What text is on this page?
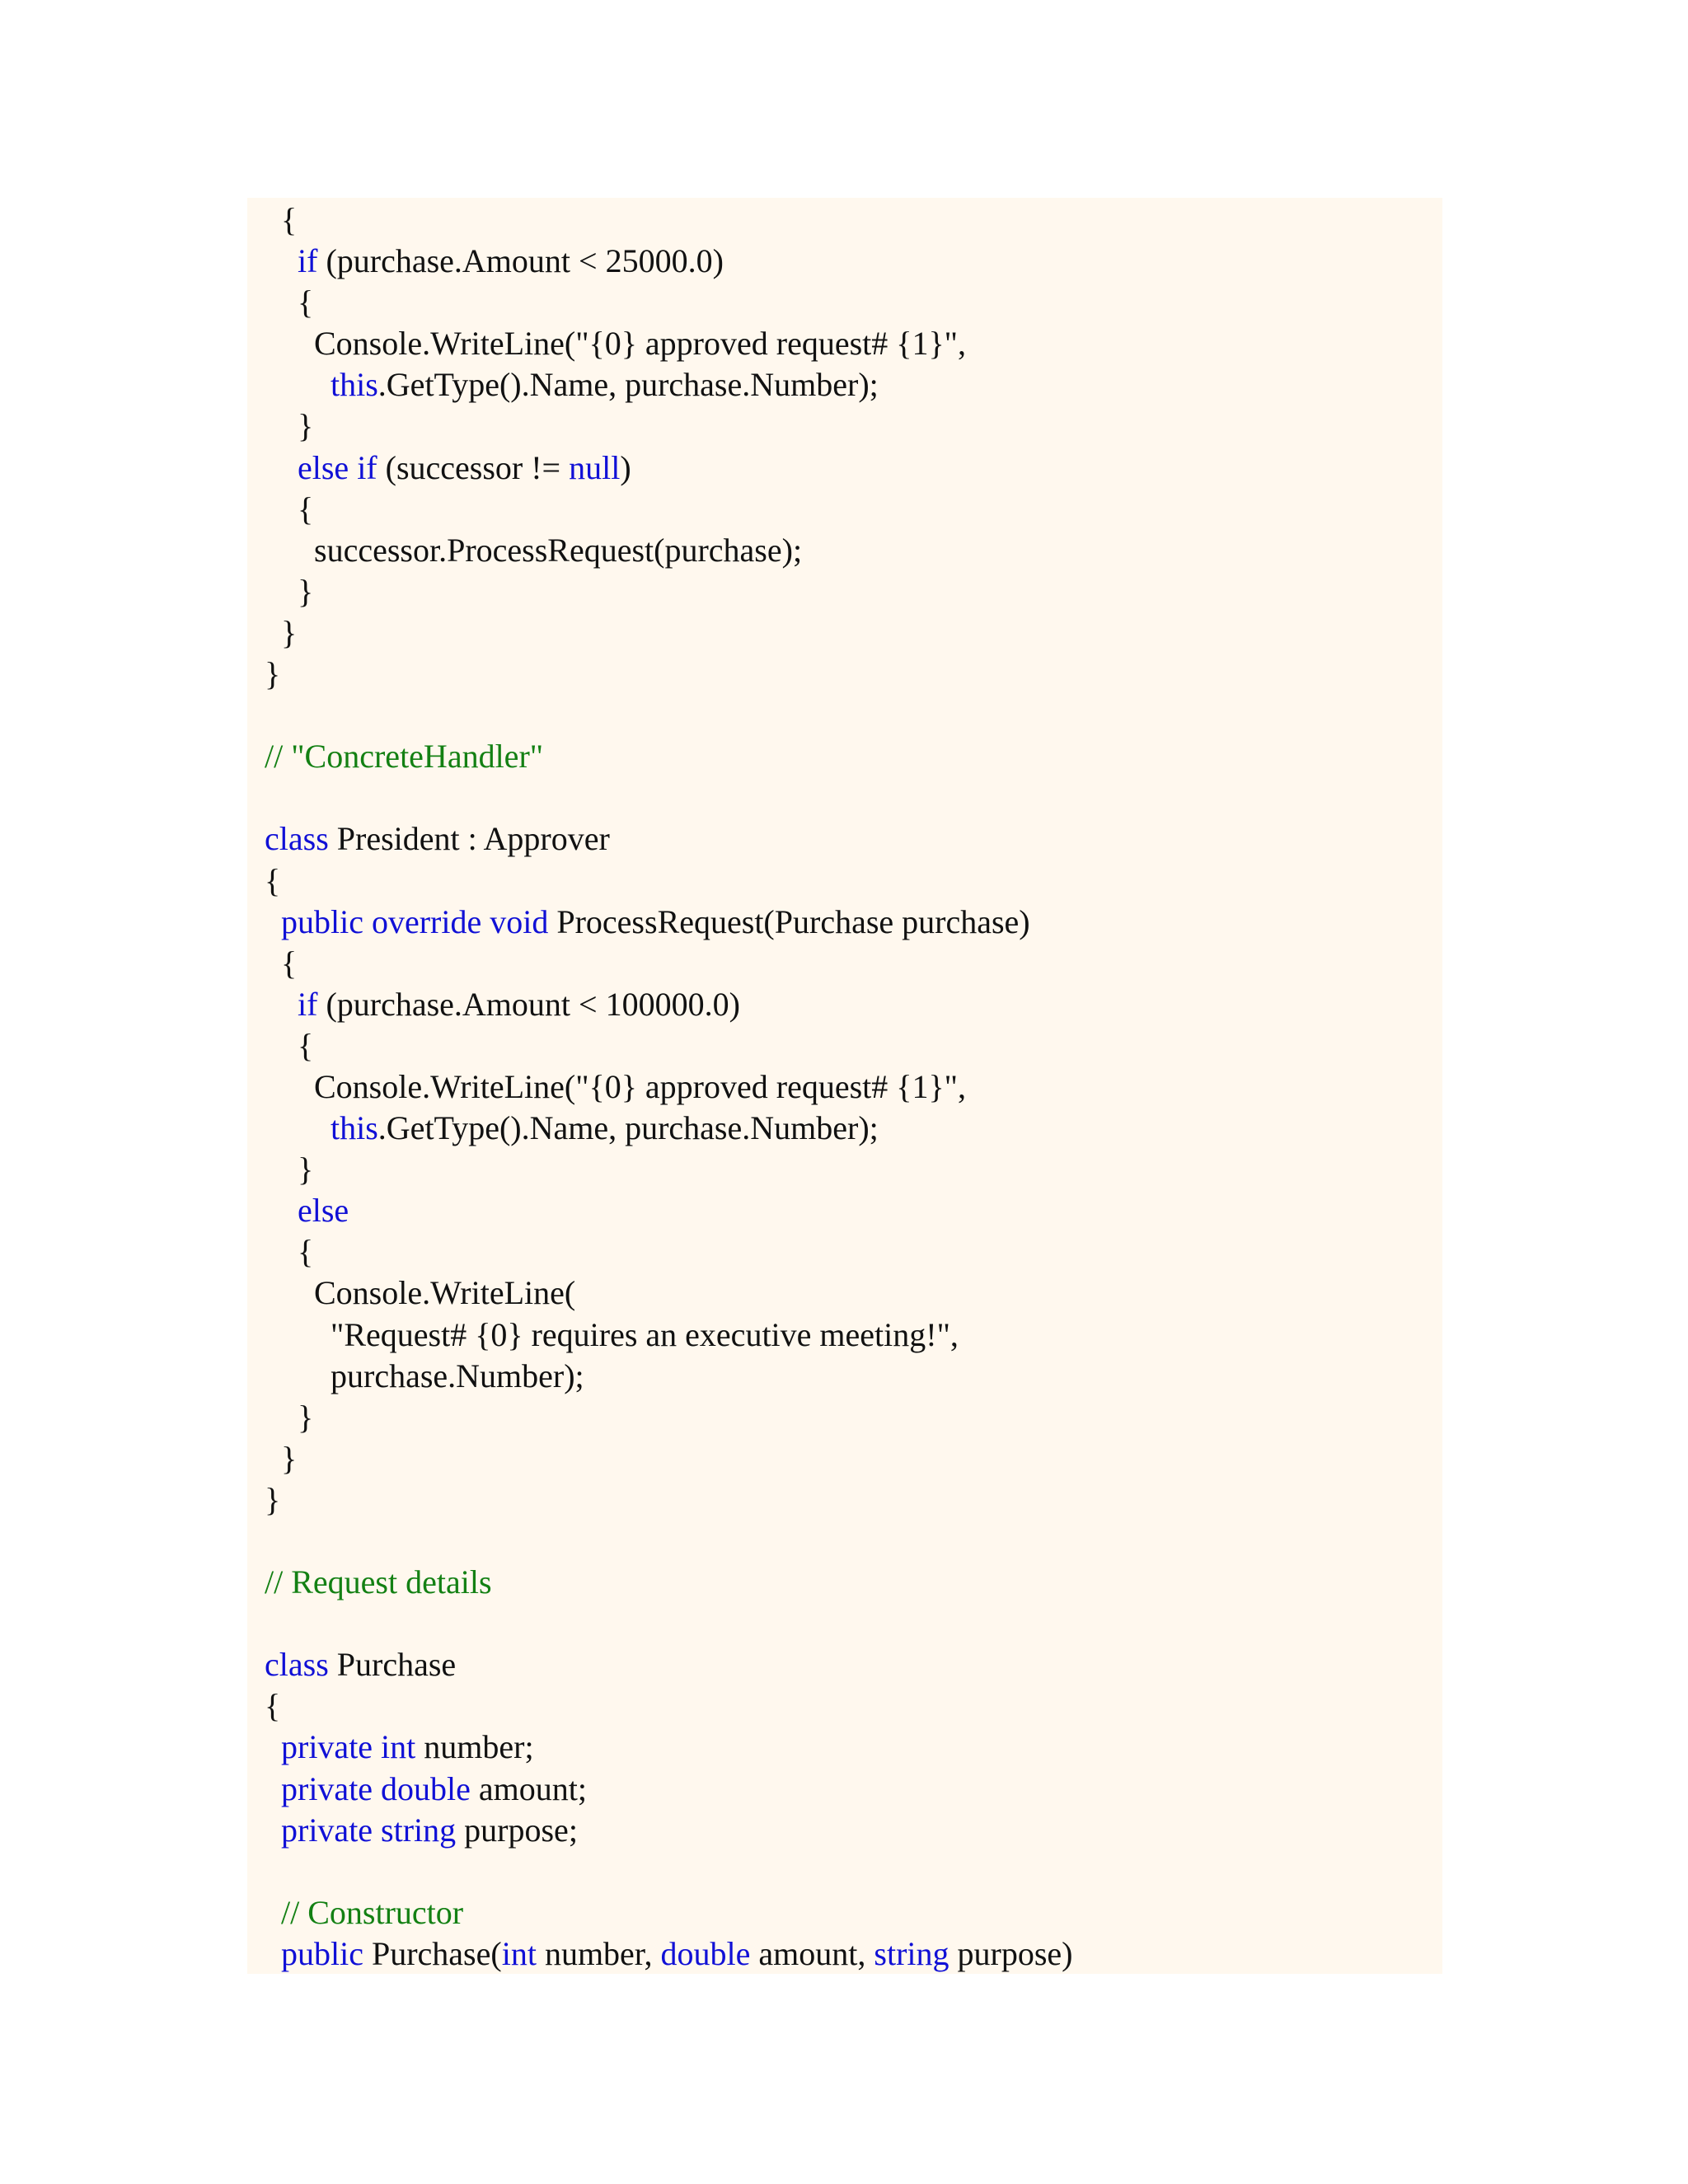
{
if (purchase.Amount < 25000.0)
{
Console.WriteLine("{0} approved request# {1}",
this.GetType().Name, purchase.Number);
}
else if (successor != null)
{
successor.ProcessRequest(purchase);
}
}
}
// "ConcreteHandler"
class President : Approver
{
public override void ProcessRequest(Purchase purchase)
{
if (purchase.Amount < 100000.0)
{
Console.WriteLine("{0} approved request# {1}",
this.GetType().Name, purchase.Number);
}
else
{
Console.WriteLine(
"Request# {0} requires an executive meeting!",
purchase.Number);
}
}
}
// Request details
class Purchase
{
private int number;
private double amount;
private string purpose;
// Constructor
public Purchase(int number, double amount, string purpose)
